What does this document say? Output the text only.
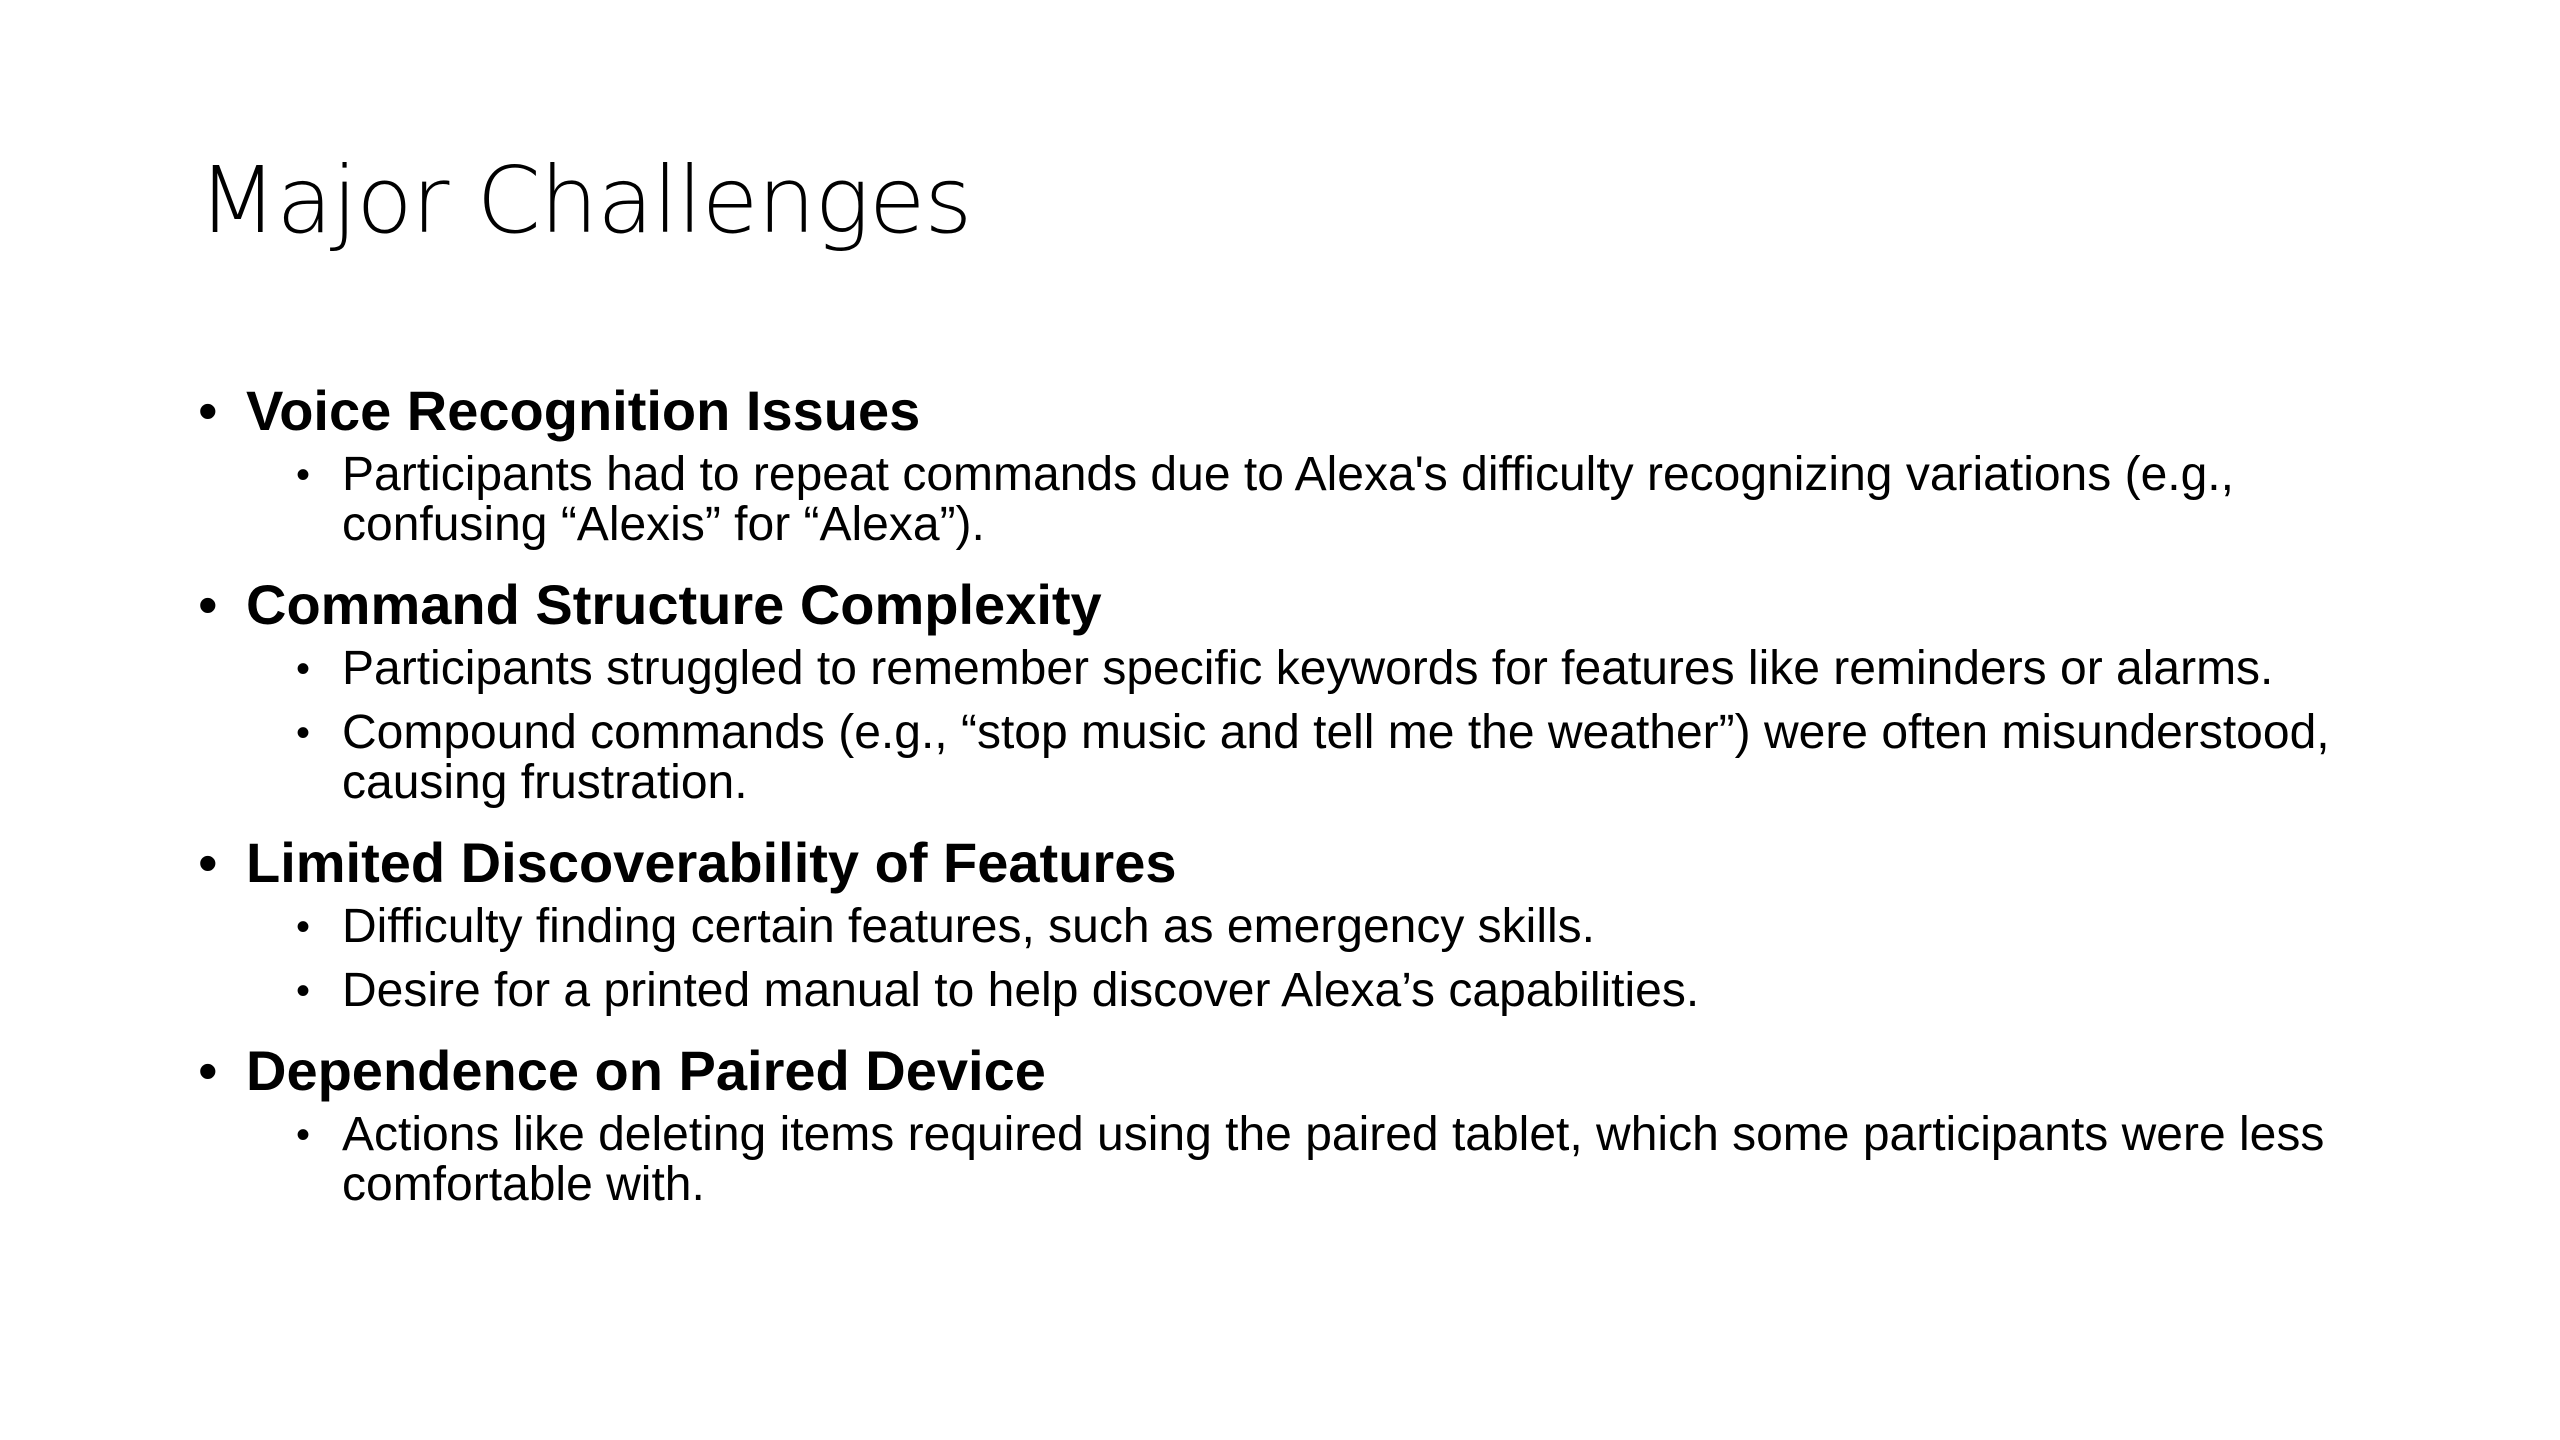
Major Challenges
• Voice Recognition Issues
• Participants had to repeat commands due to Alexa's difficulty recognizing variations (e.g., confusing “Alexis” for “Alexa”).
• Command Structure Complexity
• Participants struggled to remember specific keywords for features like reminders or alarms.
• Compound commands (e.g., “stop music and tell me the weather”) were often misunderstood, causing frustration.
• Limited Discoverability of Features
• Difficulty finding certain features, such as emergency skills.
• Desire for a printed manual to help discover Alexa’s capabilities.
• Dependence on Paired Device
• Actions like deleting items required using the paired tablet, which some participants were less comfortable with.
